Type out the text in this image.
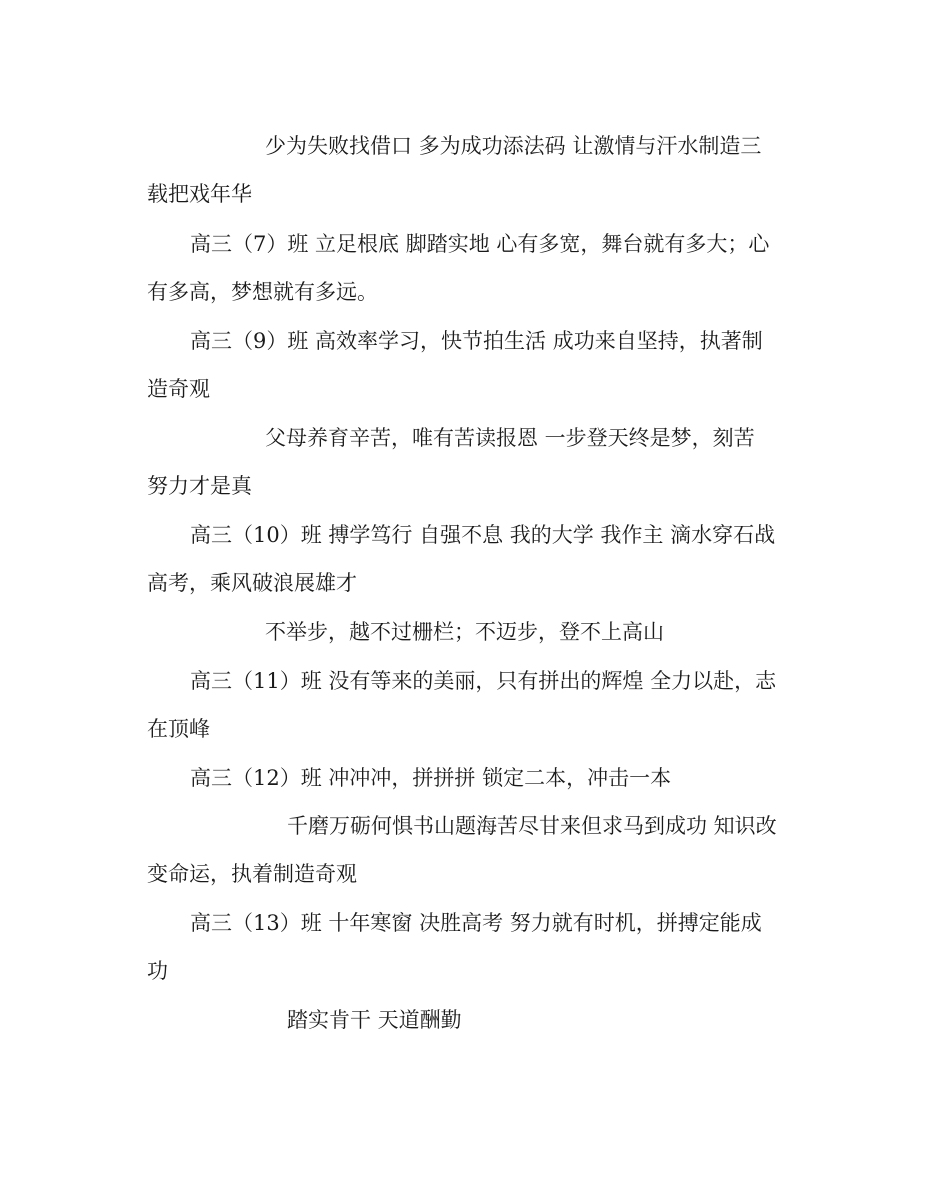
少为失败找借口 多为成功添法码 让激情与汗水制造三

载把戏年华

高三（7）班 立足根底 脚踏实地 心有多宽，舞台就有多大；心

有多高，梦想就有多远。

高三（9）班 高效率学习，快节拍生活 成功来自坚持，执著制

造奇观

父母养育辛苦，唯有苦读报恩 一步登天终是梦，刻苦

努力才是真

高三（10）班 搏学笃行 自强不息 我的大学 我作主 滴水穿石战

高考，乘风破浪展雄才

不举步，越不过栅栏；不迈步，登不上高山

高三（11）班 没有等来的美丽，只有拼出的辉煌 全力以赴，志

在顶峰

高三（12）班 冲冲冲，拼拼拼 锁定二本，冲击一本

千磨万砺何惧书山题海苦尽甘来但求马到成功 知识改

变命运，执着制造奇观

高三（13）班 十年寒窗 决胜高考 努力就有时机，拼搏定能成

功

踏实肯干 天道酬勤
